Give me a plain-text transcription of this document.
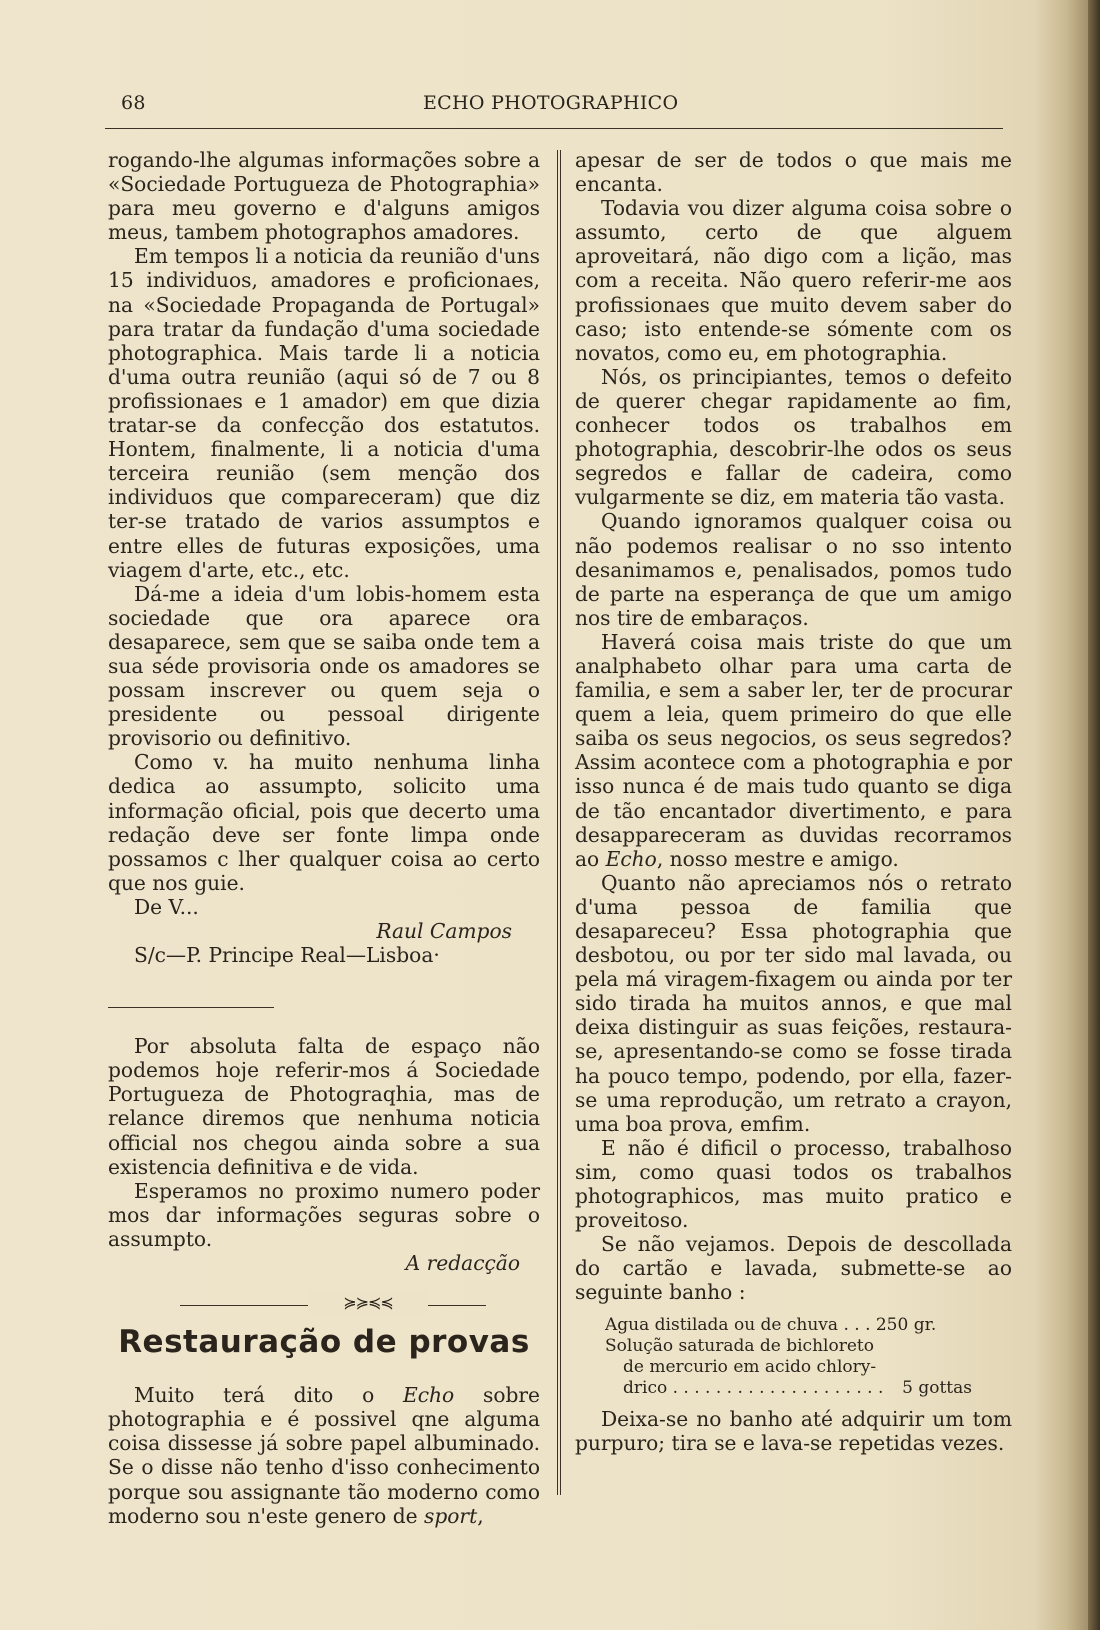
68	ECHO PHOTOGRAPHICO

rogando-lhe algumas informações sobre a «Sociedade Portugueza de Photographia» para meu governo e d'alguns amigos meus, tambem photographos amadores.

Em tempos li a noticia da reunião d'uns 15 individuos, amadores e proficionaes, na «Sociedade Propaganda de Portugal» para tratar da fundação d'uma sociedade photographica. Mais tarde li a noticia d'uma outra reunião (aqui só de 7 ou 8 profissionaes e 1 amador) em que dizia tratar-se da confecção dos estatutos. Hontem, finalmente, li a noticia d'uma terceira reunião (sem menção dos individuos que compareceram) que diz ter-se tratado de varios assumptos e entre elles de futuras exposições, uma viagem d'arte, etc., etc.

Dá-me a ideia d'um lobis-homem esta sociedade que ora aparece ora desaparece, sem que se saiba onde tem a sua séde provisoria onde os amadores se possam inscrever ou quem seja o presidente ou pessoal dirigente provisorio ou definitivo.

Como v. ha muito nenhuma linha dedica ao assumpto, solicito uma informação oficial, pois que decerto uma redação deve ser fonte limpa onde possamos c lher qualquer coisa ao certo que nos guie.

De V...

Raul Campos

S/c—P. Principe Real—Lisboa·

Por absoluta falta de espaço não podemos hoje referir-mos á Sociedade Portugueza de Photograqhia, mas de relance diremos que nenhuma noticia official nos chegou ainda sobre a sua existencia definitiva e de vida.

Esperamos no proximo numero poder mos dar informações seguras sobre o assumpto.

A redacção

≽≽≼≼
Restauração de provas

Muito terá dito o Echo sobre photographia e é possivel qne alguma coisa dissesse já sobre papel albuminado. Se o disse não tenho d'isso conhecimento porque sou assignante tão moderno como moderno sou n'este genero de sport,

apesar de ser de todos o que mais me encanta.

Todavia vou dizer alguma coisa sobre o assumto, certo de que alguem aproveitará, não digo com a lição, mas com a receita. Não quero referir-me aos profissionaes que muito devem saber do caso; isto entende-se sómente com os novatos, como eu, em photographia.

Nós, os principiantes, temos o defeito de querer chegar rapidamente ao fim, conhecer todos os trabalhos em photographia, descobrir-lhe odos os seus segredos e fallar de cadeira, como vulgarmente se diz, em materia tão vasta.

Quando ignoramos qualquer coisa ou não podemos realisar o no sso intento desanimamos e, penalisados, pomos tudo de parte na esperança de que um amigo nos tire de embaraços.

Haverá coisa mais triste do que um analphabeto olhar para uma carta de familia, e sem a saber ler, ter de procurar quem a leia, quem primeiro do que elle saiba os seus negocios, os seus segredos? Assim acontece com a photographia e por isso nunca é de mais tudo quanto se diga de tão encantador divertimento, e para desappareceram as duvidas recorramos ao Echo, nosso mestre e amigo.

Quanto não apreciamos nós o retrato d'uma pessoa de familia que desapareceu? Essa photographia que desbotou, ou por ter sido mal lavada, ou pela má viragem-fixagem ou ainda por ter sido tirada ha muitos annos, e que mal deixa distinguir as suas feições, restaura-se, apresentando-se como se fosse tirada ha pouco tempo, podendo, por ella, fazer-se uma reprodução, um retrato a crayon, uma boa prova, emfim.

E não é dificil o processo, trabalhoso sim, como quasi todos os trabalhos photographicos, mas muito pratico e proveitoso.

Se não vejamos. Depois de descollada do cartão e lavada, submette-se ao seguinte banho :

Agua distilada ou de chuva . . . 250 gr.
Solução saturada de bichloreto
de mercurio em acido chlory-
drico . . . . . . . . . . . . . . . . . . . . 5 gottas

Deixa-se no banho até adquirir um tom purpuro; tira se e lava-se repetidas vezes.
